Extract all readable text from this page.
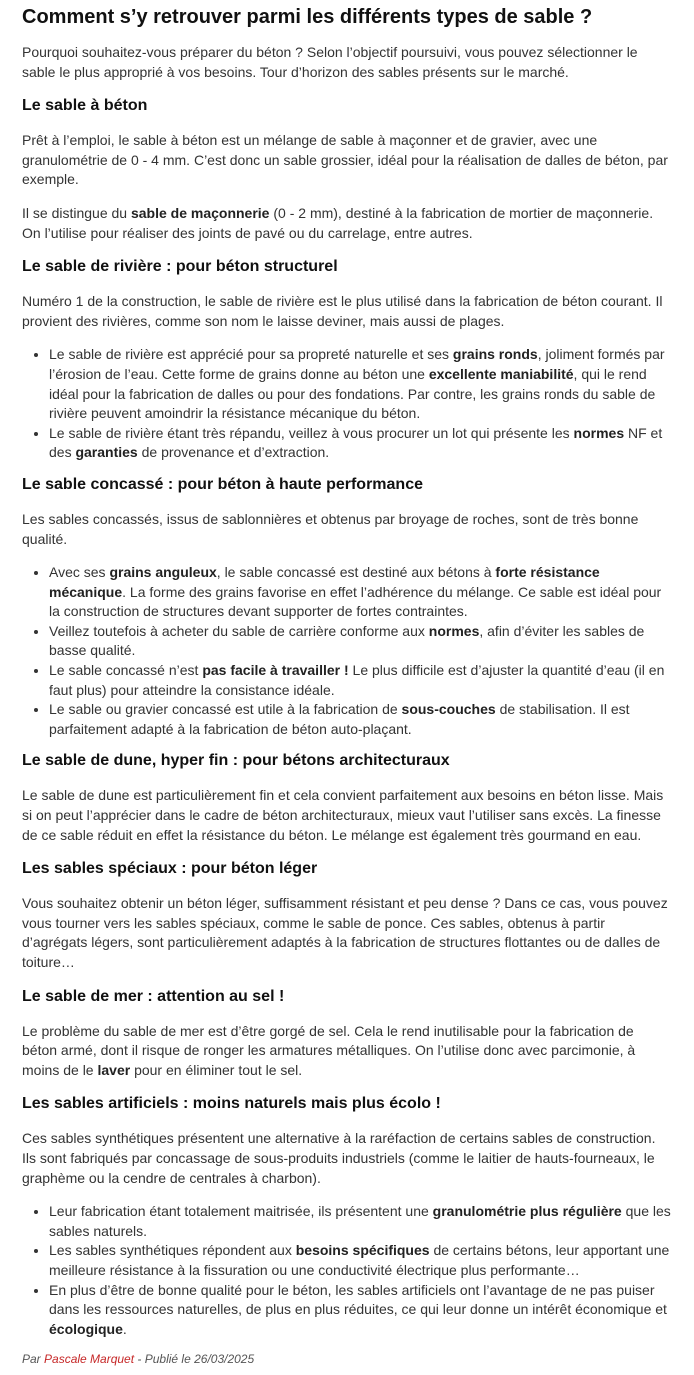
Comment s’y retrouver parmi les différents types de sable ?

Pourquoi souhaitez-vous préparer du béton ? Selon l’objectif poursuivi, vous pouvez sélectionner le sable le plus approprié à vos besoins. Tour d’horizon des sables présents sur le marché.

Le sable à béton

Prêt à l’emploi, le sable à béton est un mélange de sable à maçonner et de gravier, avec une granulométrie de 0 - 4 mm. C’est donc un sable grossier, idéal pour la réalisation de dalles de béton, par exemple.

Il se distingue du sable de maçonnerie (0 - 2 mm), destiné à la fabrication de mortier de maçonnerie. On l’utilise pour réaliser des joints de pavé ou du carrelage, entre autres.

Le sable de rivière : pour béton structurel

Numéro 1 de la construction, le sable de rivière est le plus utilisé dans la fabrication de béton courant. Il provient des rivières, comme son nom le laisse deviner, mais aussi de plages.

• Le sable de rivière est apprécié pour sa propreté naturelle et ses grains ronds, joliment formés par l’érosion de l’eau. Cette forme de grains donne au béton une excellente maniabilité, qui le rend idéal pour la fabrication de dalles ou pour des fondations. Par contre, les grains ronds du sable de rivière peuvent amoindrir la résistance mécanique du béton.
• Le sable de rivière étant très répandu, veillez à vous procurer un lot qui présente les normes NF et des garanties de provenance et d’extraction.
Le sable concassé : pour béton à haute performance

Les sables concassés, issus de sablonnières et obtenus par broyage de roches, sont de très bonne qualité.

• Avec ses grains anguleux, le sable concassé est destiné aux bétons à forte résistance mécanique. La forme des grains favorise en effet l’adhérence du mélange. Ce sable est idéal pour la construction de structures devant supporter de fortes contraintes.
• Veillez toutefois à acheter du sable de carrière conforme aux normes, afin d’éviter les sables de basse qualité.
• Le sable concassé n’est pas facile à travailler ! Le plus difficile est d’ajuster la quantité d’eau (il en faut plus) pour atteindre la consistance idéale.
• Le sable ou gravier concassé est utile à la fabrication de sous-couches de stabilisation. Il est parfaitement adapté à la fabrication de béton auto-plaçant.
Le sable de dune, hyper fin : pour bétons architecturaux

Le sable de dune est particulièrement fin et cela convient parfaitement aux besoins en béton lisse. Mais si on peut l’apprécier dans le cadre de béton architecturaux, mieux vaut l’utiliser sans excès. La finesse de ce sable réduit en effet la résistance du béton. Le mélange est également très gourmand en eau.

Les sables spéciaux : pour béton léger

Vous souhaitez obtenir un béton léger, suffisamment résistant et peu dense ? Dans ce cas, vous pouvez vous tourner vers les sables spéciaux, comme le sable de ponce. Ces sables, obtenus à partir d’agrégats légers, sont particulièrement adaptés à la fabrication de structures flottantes ou de dalles de toiture…

Le sable de mer : attention au sel !

Le problème du sable de mer est d’être gorgé de sel. Cela le rend inutilisable pour la fabrication de béton armé, dont il risque de ronger les armatures métalliques. On l’utilise donc avec parcimonie, à moins de le laver pour en éliminer tout le sel.

Les sables artificiels : moins naturels mais plus écolo !

Ces sables synthétiques présentent une alternative à la raréfaction de certains sables de construction. Ils sont fabriqués par concassage de sous-produits industriels (comme le laitier de hauts-fourneaux, le graphème ou la cendre de centrales à charbon).

• Leur fabrication étant totalement maitrisée, ils présentent une granulométrie plus régulière que les sables naturels.
• Les sables synthétiques répondent aux besoins spécifiques de certains bétons, leur apportant une meilleure résistance à la fissuration ou une conductivité électrique plus performante…
• En plus d’être de bonne qualité pour le béton, les sables artificiels ont l’avantage de ne pas puiser dans les ressources naturelles, de plus en plus réduites, ce qui leur donne un intérêt économique et écologique.

Par Pascale Marquet - Publié le 26/03/2025
